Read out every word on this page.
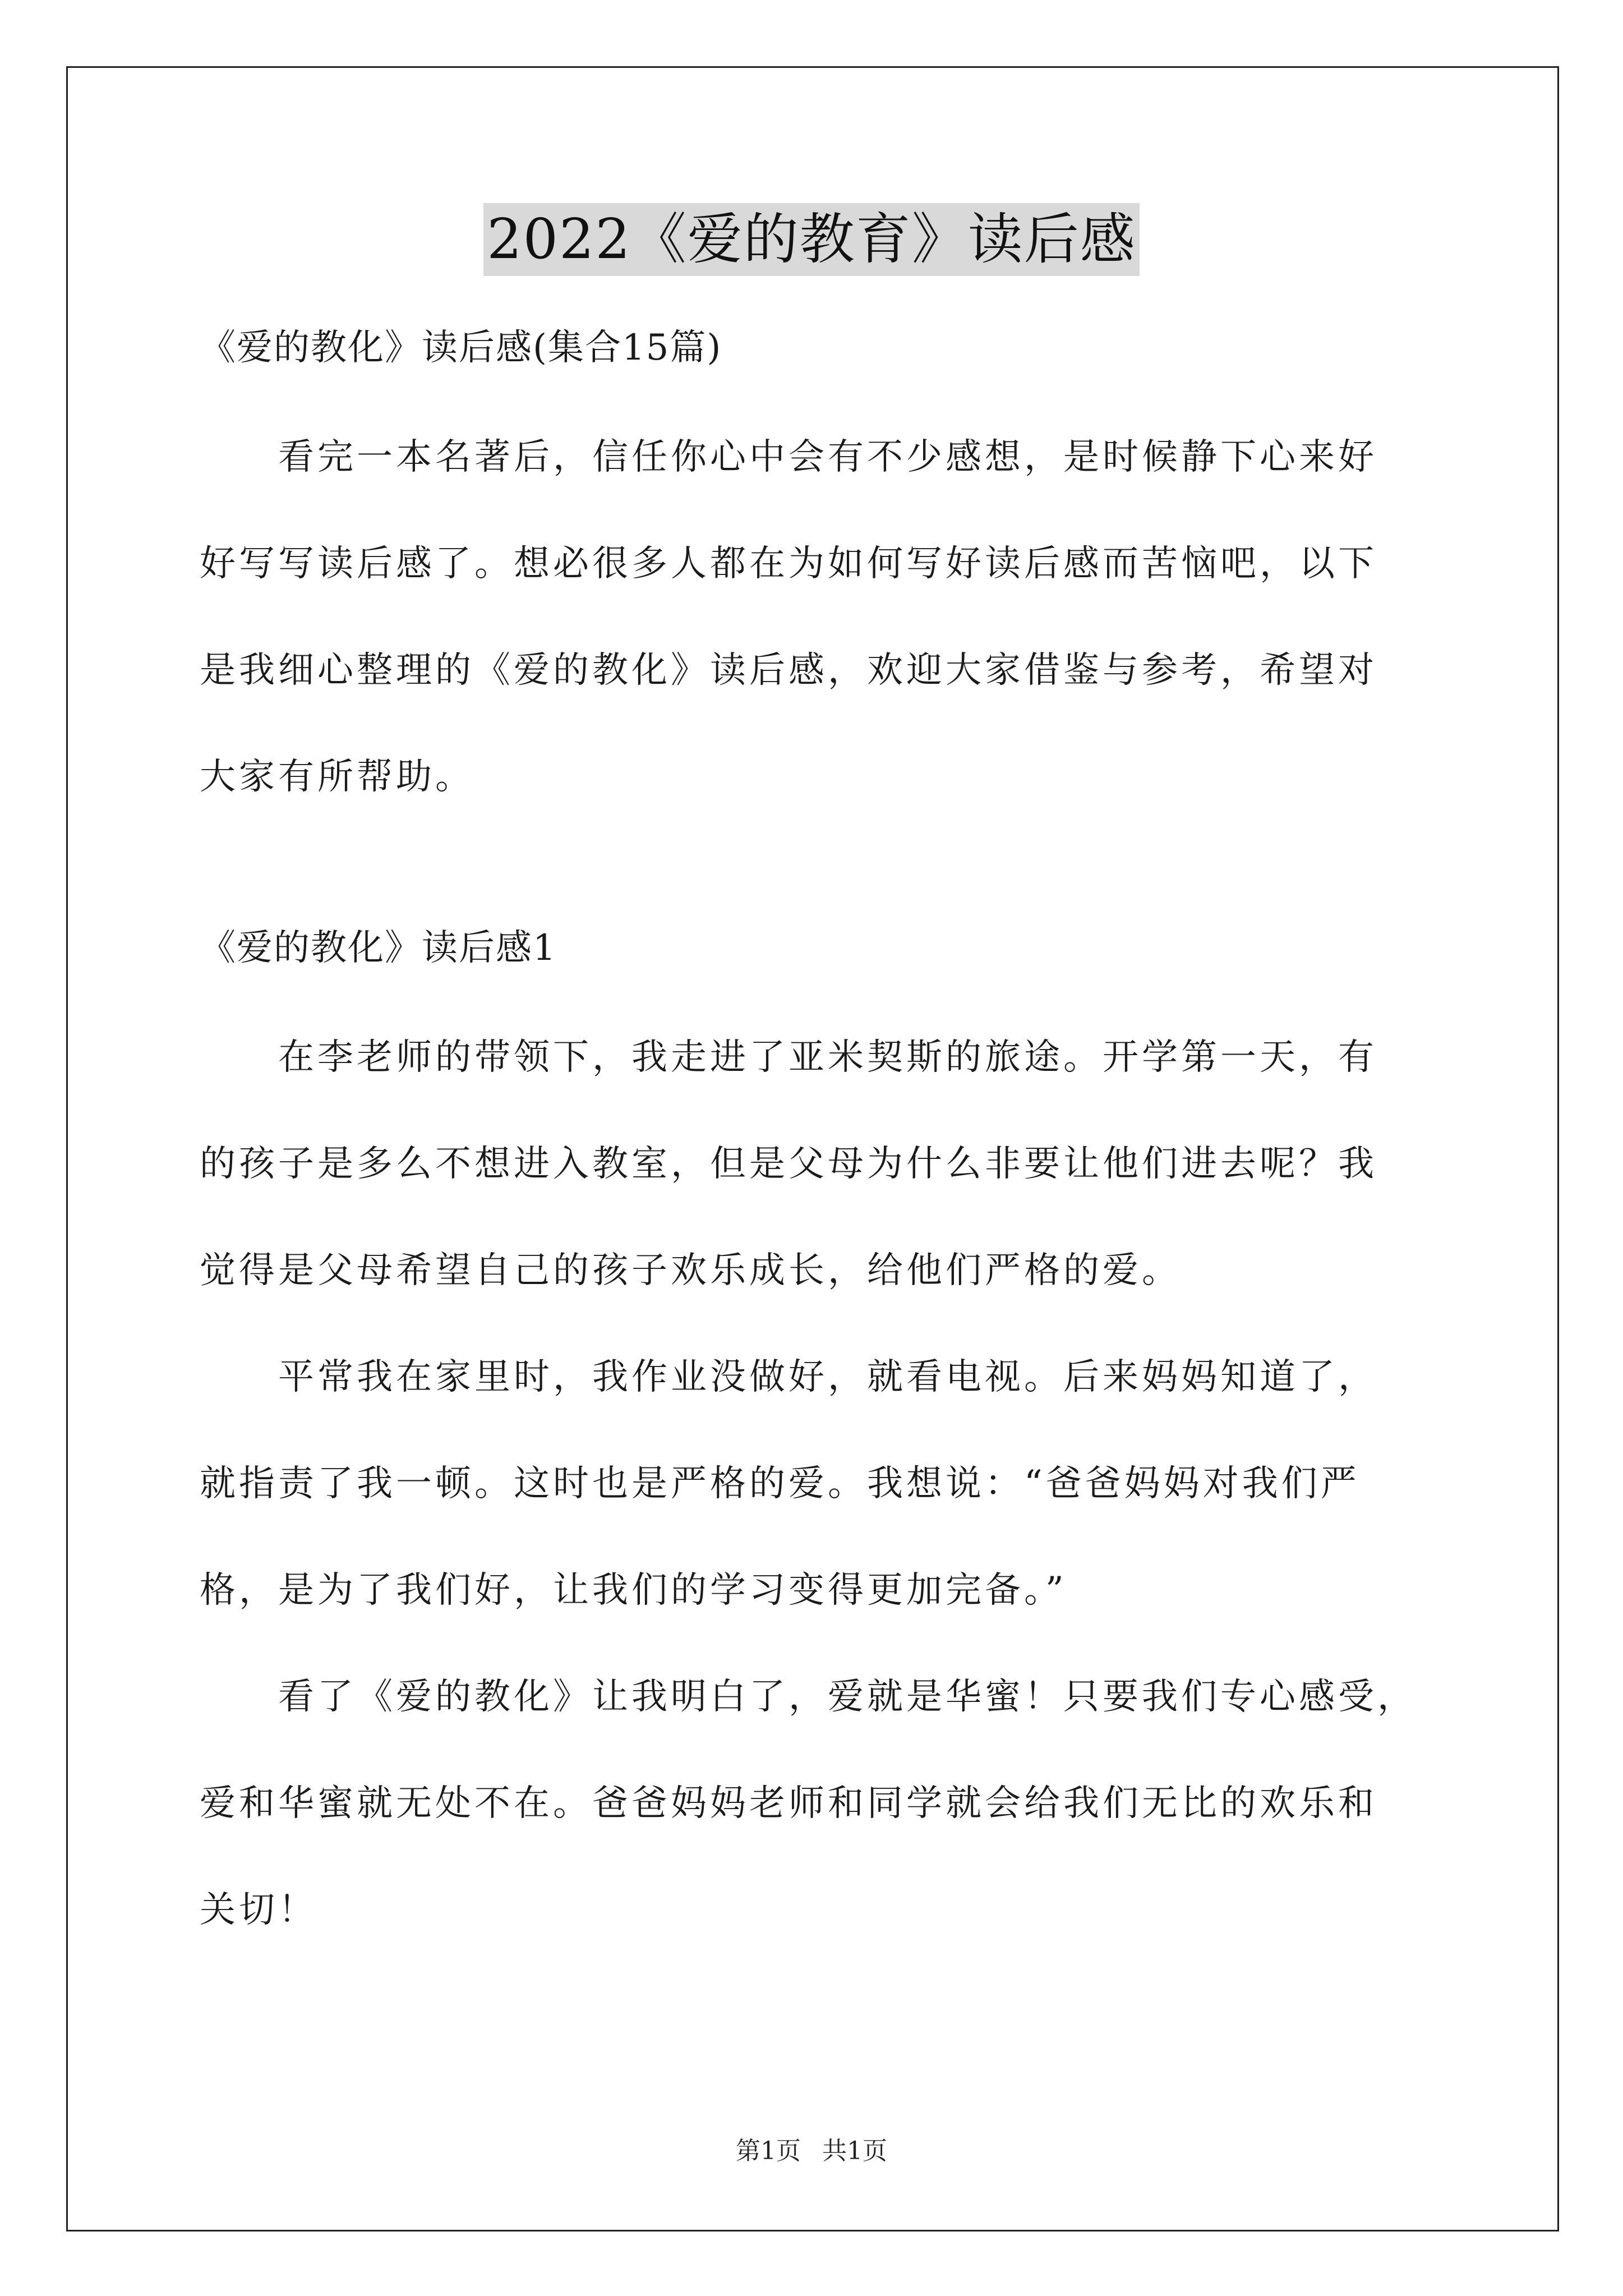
2022《爱的教育》读后感
《爱的教化》读后感(集合15篇)
看完一本名著后，信任你心中会有不少感想，是时候静下心来好
好写写读后感了。想必很多人都在为如何写好读后感而苦恼吧，以下
是我细心整理的《爱的教化》读后感，欢迎大家借鉴与参考，希望对
大家有所帮助。
《爱的教化》读后感1
在李老师的带领下，我走进了亚米契斯的旅途。开学第一天，有
的孩子是多么不想进入教室，但是父母为什么非要让他们进去呢？我
觉得是父母希望自己的孩子欢乐成长，给他们严格的爱。
平常我在家里时，我作业没做好，就看电视。后来妈妈知道了，
就指责了我一顿。这时也是严格的爱。我想说：“爸爸妈妈对我们严
格，是为了我们好，让我们的学习变得更加完备。”
看了《爱的教化》让我明白了，爱就是华蜜！只要我们专心感受，
爱和华蜜就无处不在。爸爸妈妈老师和同学就会给我们无比的欢乐和
关切！
第1页 共1页
